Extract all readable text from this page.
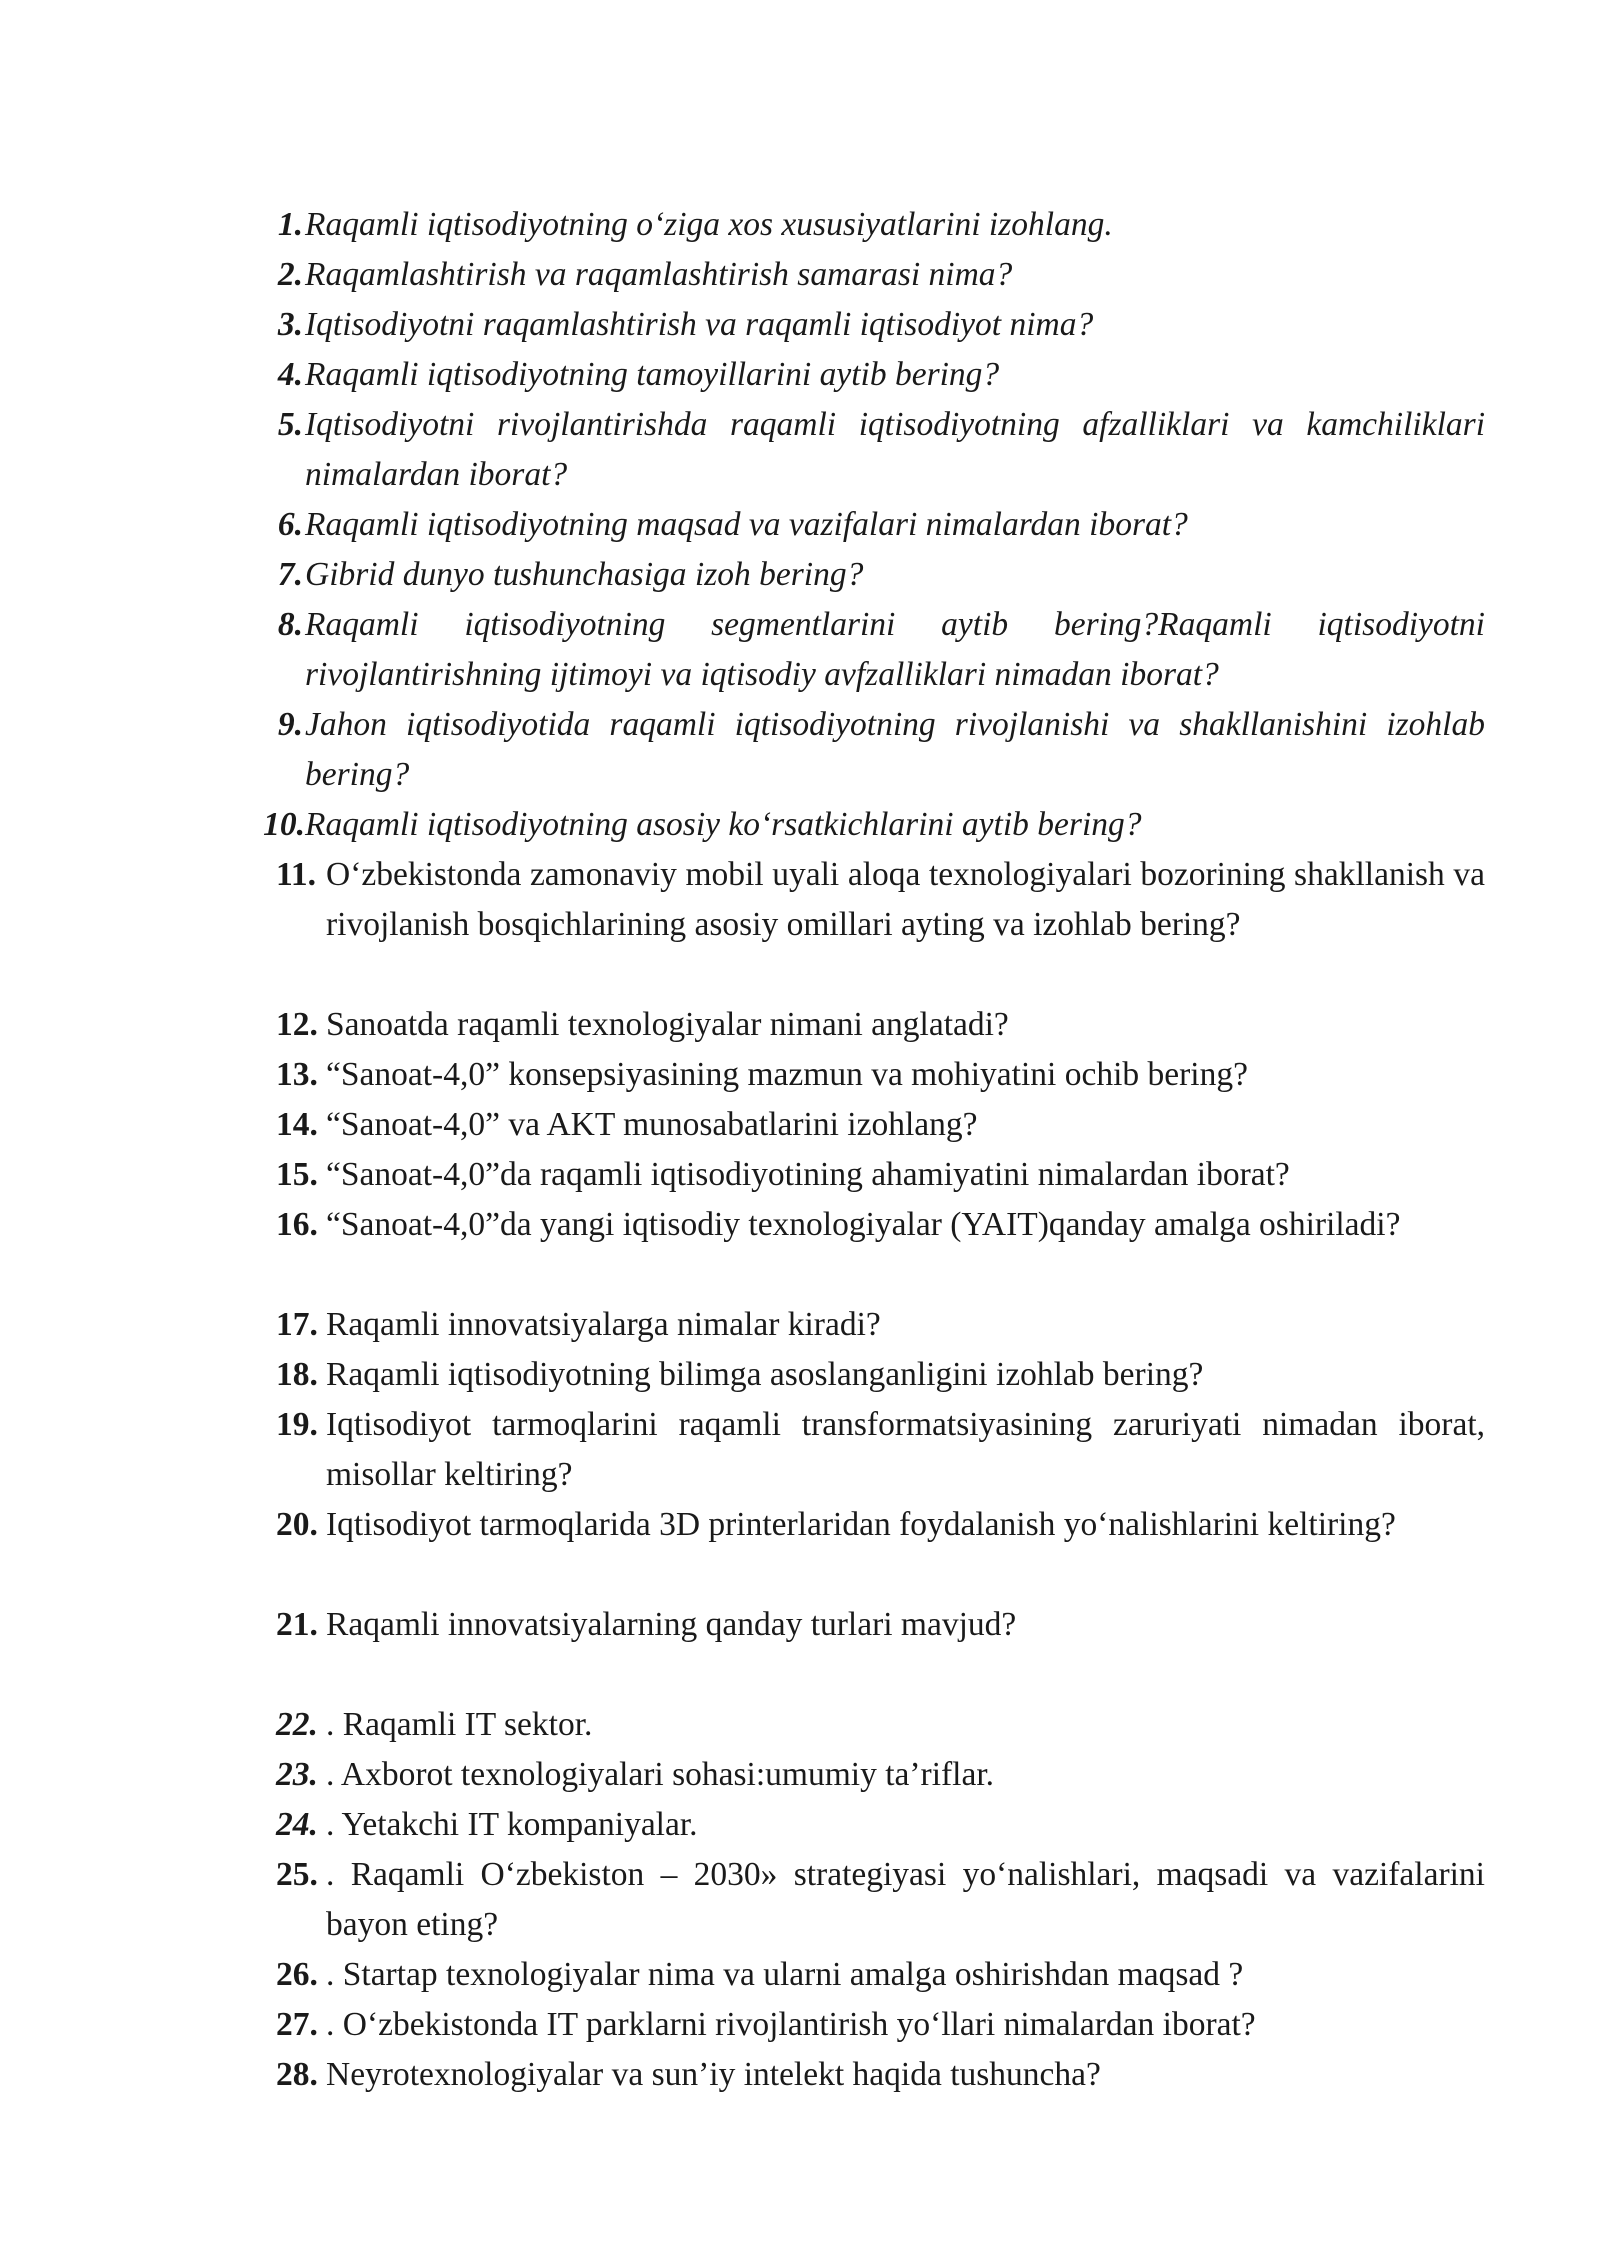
1. Raqamli iqtisodiyotning o‘ziga xos xususiyatlarini izohlang.
2. Raqamlashtirish va raqamlashtirish samarasi nima?
3. Iqtisodiyotni raqamlashtirish va raqamli iqtisodiyot nima?
4. Raqamli iqtisodiyotning tamoyillarini aytib bering?
5. Iqtisodiyotni rivojlantirishda raqamli iqtisodiyotning afzalliklari va kamchiliklari nimalardan iborat?
6. Raqamli iqtisodiyotning maqsad va vazifalari nimalardan iborat?
7. Gibrid dunyo tushunchasiga izoh bering?
8. Raqamli iqtisodiyotning segmentlarini aytib bering?Raqamli iqtisodiyotni rivojlantirishning ijtimoyi va iqtisodiy avfzalliklari nimadan iborat?
9. Jahon iqtisodiyotida raqamli iqtisodiyotning rivojlanishi va shakllanishini izohlab bering?
10. Raqamli iqtisodiyotning asosiy ko‘rsatkichlarini aytib bering?
11. O‘zbekistonda zamonaviy mobil uyali aloqa texnologiyalari bozorining shakllanish va rivojlanish bosqichlarining asosiy omillari ayting va izohlab bering?
12. Sanoatda raqamli texnologiyalar nimani anglatadi?
13. “Sanoat-4,0” konsepsiyasining mazmun va mohiyatini ochib bering?
14. “Sanoat-4,0” va AKT munosabatlarini izohlang?
15. “Sanoat-4,0”da raqamli iqtisodiyotining ahamiyatini nimalardan iborat?
16. “Sanoat-4,0”da yangi iqtisodiy texnologiyalar (YAIT)qanday amalga oshiriladi?
17. Raqamli innovatsiyalarga nimalar kiradi?
18. Raqamli iqtisodiyotning bilimga asoslanganligini izohlab bering?
19. Iqtisodiyot tarmoqlarini raqamli transformatsiyasining zaruriyati nimadan iborat, misollar keltiring?
20. Iqtisodiyot tarmoqlarida 3D printerlaridan foydalanish yo‘nalishlarini keltiring?
21. Raqamli innovatsiyalarning qanday turlari mavjud?
22. . Raqamli IT sektor.
23. . Axborot texnologiyalari sohasi:umumiy ta’riflar.
24. . Yetakchi IT kompaniyalar.
25. . Raqamli O‘zbekiston – 2030» strategiyasi yo‘nalishlari, maqsadi va vazifalarini bayon eting?
26. . Startap texnologiyalar nima va ularni amalga oshirishdan maqsad ?
27. . O‘zbekistonda IT parklarni rivojlantirish yo‘llari nimalardan iborat?
28. Neyrotexnologiyalar va sun’iy intelekt haqida tushuncha?
